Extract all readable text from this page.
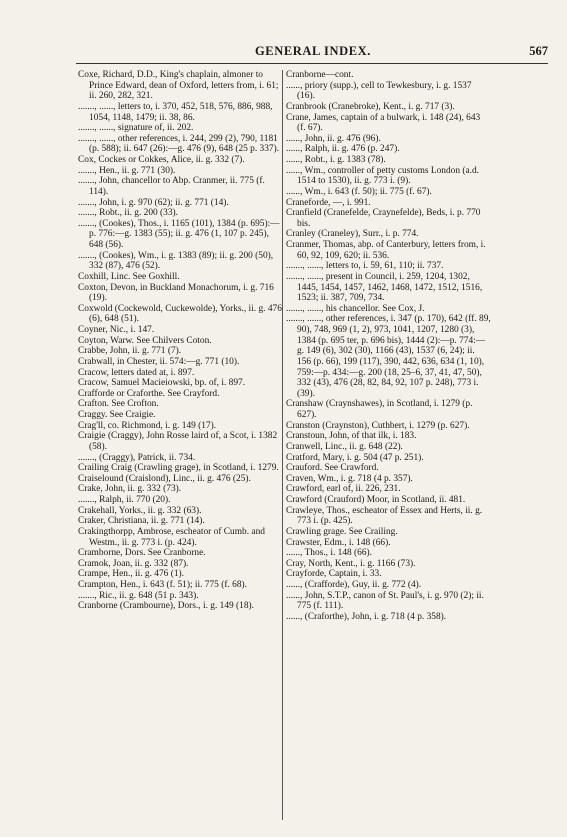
GENERAL INDEX.	567

Coxe, Richard, D.D., King's chaplain, almoner to Prince Edward, dean of Oxford, letters from, i. 61; ii. 260, 282, 321.

......., ......, letters to, i. 370, 452, 518, 576, 886, 988, 1054, 1148, 1479; ii. 38, 86.

......., ......, signature of, ii. 202.

......., ......, other references, i. 244, 299 (2), 790, 1181 (p. 588); ii. 647 (26):—g. 476 (9), 648 (25 p. 337).

Cox, Cockes or Cokkes, Alice, ii. g. 332 (7).

......., Hen., ii. g. 771 (30).

......., John, chancellor to Abp. Cranmer, ii. 775 (f. 114).

......., John, i. g. 970 (62); ii. g. 771 (14).

......., Robt., ii. g. 200 (33).

......., (Cookes), Thos., i. 1165 (101), 1384 (p. 695):—p. 776:—g. 1383 (55); ii. g. 476 (1, 107 p. 245), 648 (56).

......., (Cookes), Wm., i. g. 1383 (89); ii. g. 200 (50), 332 (87), 476 (52).

Coxhill, Linc. See Goxhill.

Coxton, Devon, in Buckland Monachorum, i. g. 716 (19).

Coxwold (Cockewold, Cuckewolde), Yorks., ii. g. 476 (6), 648 (51).

Coyner, Nic., i. 147.

Coyton, Warw. See Chilvers Coton.

Crabbe, John, ii. g. 771 (7).

Crabwall, in Chester, ii. 574:—g. 771 (10).

Cracow, letters dated at, i. 897.

Cracow, Samuel Macieiowski, bp. of, i. 897.

Crafforde or Craforthe. See Crayford.

Crafton. See Crofton.

Craggy. See Craigie.

Crag'll, co. Richmond, i. g. 149 (17).

Craigie (Craggy), John Rosse laird of, a Scot, i. 1382 (58).

......., (Craggy), Patrick, ii. 734.

Crailing Craig (Crawling grage), in Scotland, i. 1279.

Craiselound (Craislond), Linc., ii. g. 476 (25).

Crake, John, ii. g. 332 (73).

......., Ralph, ii. 770 (20).

Crakehall, Yorks., ii. g. 332 (63).

Craker, Christiana, ii. g. 771 (14).

Crakingthorpp, Ambrose, escheator of Cumb. and Westm., ii. g. 773 i. (p. 424).

Cramborne, Dors. See Cranborne.

Cramok, Joan, ii. g. 332 (87).

Crampe, Hen., ii. g. 476 (1).

Crampton, Hen., i. 643 (f. 51); ii. 775 (f. 68).

......., Ric., ii. g. 648 (51 p. 343).

Cranborne (Crambourne), Dors., i. g. 149 (18).

Cranborne—cont.

......, priory (supp.), cell to Tewkesbury, i. g. 1537 (16).

Cranbrook (Cranebroke), Kent., i. g. 717 (3).

Crane, James, captain of a bulwark, i. 148 (24), 643 (f. 67).

......, John, ii. g. 476 (96).

......, Ralph, ii. g. 476 (p. 247).

......, Robt., i. g. 1383 (78).

......, Wm., controller of petty customs London (a.d. 1514 to 1530), ii. g. 773 i. (9).

......, Wm., i. 643 (f. 50); ii. 775 (f. 67).

Craneforde, —, i. 991.

Cranfield (Cranefelde, Craynefelde), Beds, i. p. 770 bis.

Cranley (Craneley), Surr., i. p. 774.

Cranmer, Thomas, abp. of Canterbury, letters from, i. 60, 92, 109, 620; ii. 536.

......., ......, letters to, i. 59, 61, 110; ii. 737.

......., ......, present in Council, i. 259, 1204, 1302, 1445, 1454, 1457, 1462, 1468, 1472, 1512, 1516, 1523; ii. 387, 709, 734.

......., ......, his chancellor. See Cox, J.

......., ......, other references, i. 347 (p. 170), 642 (ff. 89, 90), 748, 969 (1, 2), 973, 1041, 1207, 1280 (3), 1384 (p. 695 ter, p. 696 bis), 1444 (2):—p. 774:—g. 149 (6), 302 (30), 1166 (43), 1537 (6, 24); ii. 156 (p. 66), 199 (117), 390, 442, 636, 634 (1, 10), 759:—p. 434:—g. 200 (18, 25–6, 37, 41, 47, 50), 332 (43), 476 (28, 82, 84, 92, 107 p. 248), 773 i. (39).

Cranshaw (Craynshawes), in Scotland, i. 1279 (p. 627).

Cranston (Craynston), Cuthbert, i. 1279 (p. 627).

Cranstoun, John, of that ilk, i. 183.

Cranwell, Linc., ii. g. 648 (22).

Cratford, Mary, i. g. 504 (47 p. 251).

Crauford. See Crawford.

Craven, Wm., i. g. 718 (4 p. 357).

Crawford, earl of, ii. 226, 231.

Crawford (Crauford) Moor, in Scotland, ii. 481.

Crawleye, Thos., escheator of Essex and Herts, ii. g. 773 i. (p. 425).

Crawling grage. See Crailing.

Crawster, Edm., i. 148 (66).

......, Thos., i. 148 (66).

Cray, North, Kent., i. g. 1166 (73).

Crayforde, Captain, i. 33.

......, (Crafforde), Guy, ii. g. 772 (4).

......, John, S.T.P., canon of St. Paul's, i. g. 970 (2); ii. 775 (f. 111).

......, (Craforthe), John, i. g. 718 (4 p. 358).
